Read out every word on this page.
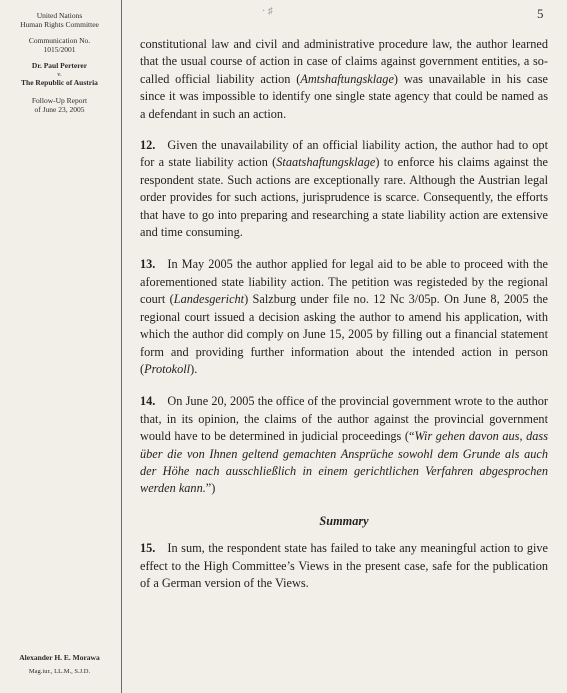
United Nations
Human Rights Committee
Communication No.
1015/2001
Dr. Paul Perterer
v.
The Republic of Austria
Follow-Up Report
of June 23, 2005
Alexander H. E. Morawa
Mag.iur., LL.M., S.J.D.
· ♯	5

constitutional law and civil and administrative procedure law, the author learned that the usual course of action in case of claims against government entities, a so-called official liability action (Amtshaftungsklage) was unavailable in his case since it was impossible to identify one single state agency that could be named as a defendant in such an action.

12. Given the unavailability of an official liability action, the author had to opt for a state liability action (Staatshaftungsklage) to enforce his claims against the respondent state. Such actions are exceptionally rare. Although the Austrian legal order provides for such actions, jurisprudence is scarce. Consequently, the efforts that have to go into preparing and researching a state liability action are extensive and time consuming.

13. In May 2005 the author applied for legal aid to be able to proceed with the aforementioned state liability action. The petition was registeded by the regional court (Landesgericht) Salzburg under file no. 12 Nc 3/05p. On June 8, 2005 the regional court issued a decision asking the author to amend his application, with which the author did comply on June 15, 2005 by filling out a financial statement form and providing further information about the intended action in person (Protokoll).

14. On June 20, 2005 the office of the provincial government wrote to the author that, in its opinion, the claims of the author against the provincial government would have to be determined in judicial proceedings (“Wir gehen davon aus, dass über die von Ihnen geltend gemachten Ansprüche sowohl dem Grunde als auch der Höhe nach ausschließlich in einem gerichtlichen Verfahren abgesprochen werden kann.”)

Summary

15. In sum, the respondent state has failed to take any meaningful action to give effect to the High Committee’s Views in the present case, safe for the publication of a German version of the Views.
